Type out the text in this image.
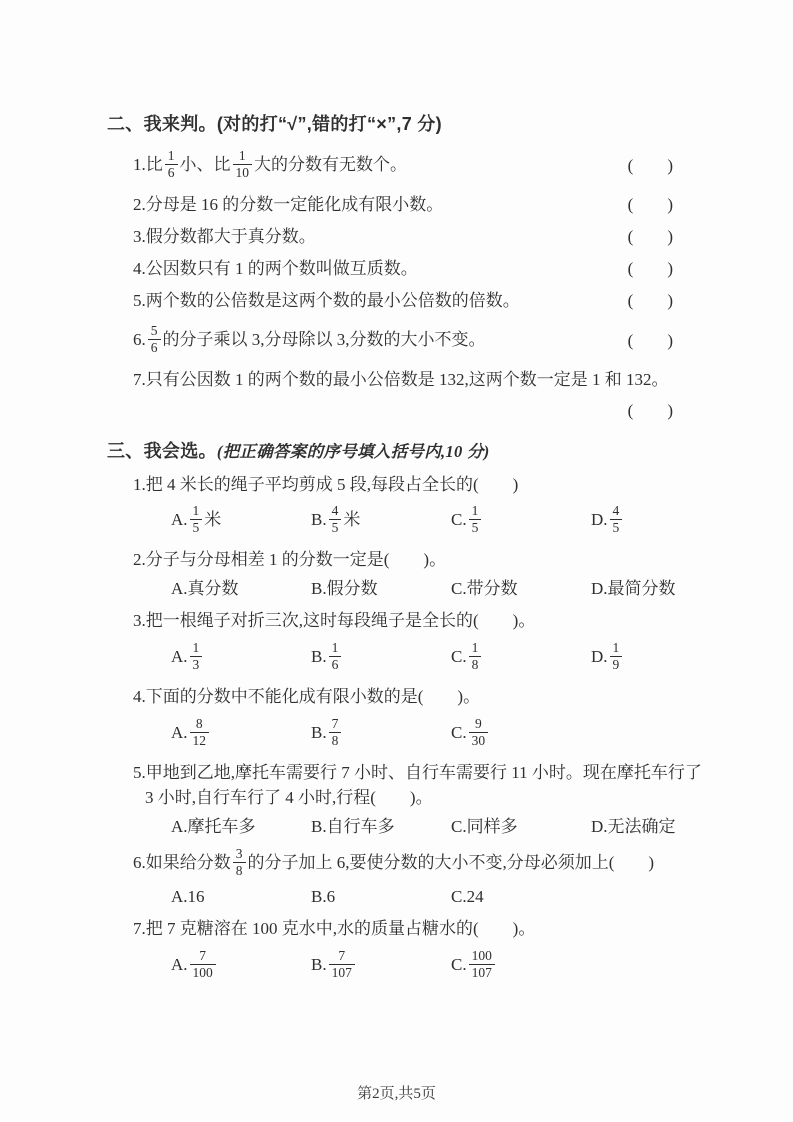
二、我来判。(对的打“√”,错的打“×”,7 分)
1.比 $\frac{1}{6}$ 小、比 $\frac{1}{10}$ 大的分数有无数个。	(　　)
2.分母是 16 的分数一定能化成有限小数。	(　　)
3.假分数都大于真分数。	(　　)
4.公因数只有 1 的两个数叫做互质数。	(　　)
5.两个数的公倍数是这两个数的最小公倍数的倍数。	(　　)
6. $\frac{5}{6}$ 的分子乘以 3,分母除以 3,分数的大小不变。	(　　)
7.只有公因数 1 的两个数的最小公倍数是 132,这两个数一定是 1 和 132。
(　　)
三、我会选。(把正确答案的序号填入括号内,10 分)
1.把 4 米长的绳子平均剪成 5 段,每段占全长的(　　)
A. $\frac{1}{5}$ 米	B. $\frac{4}{5}$ 米	C. $\frac{1}{5}$	D. $\frac{4}{5}$
2.分子与分母相差 1 的分数一定是(　　)。
A.真分数	B.假分数	C.带分数	D.最简分数
3.把一根绳子对折三次,这时每段绳子是全长的(　　)。
A. $\frac{1}{3}$	B. $\frac{1}{6}$	C. $\frac{1}{8}$	D. $\frac{1}{9}$
4.下面的分数中不能化成有限小数的是(　　)。
A. $\frac{8}{12}$	B. $\frac{7}{8}$	C. $\frac{9}{30}$
5.甲地到乙地,摩托车需要行 7 小时、自行车需要行 11 小时。现在摩托车行了
3 小时,自行车行了 4 小时,行程(　　)。
A.摩托车多	B.自行车多	C.同样多	D.无法确定
6.如果给分数 $\frac{3}{8}$ 的分子加上 6,要使分数的大小不变,分母必须加上(　　)
A.16	B.6	C.24
7.把 7 克糖溶在 100 克水中,水的质量占糖水的(　　)。
A. $\frac{7}{100}$	B. $\frac{7}{107}$	C. $\frac{100}{107}$
第2页,共5页
